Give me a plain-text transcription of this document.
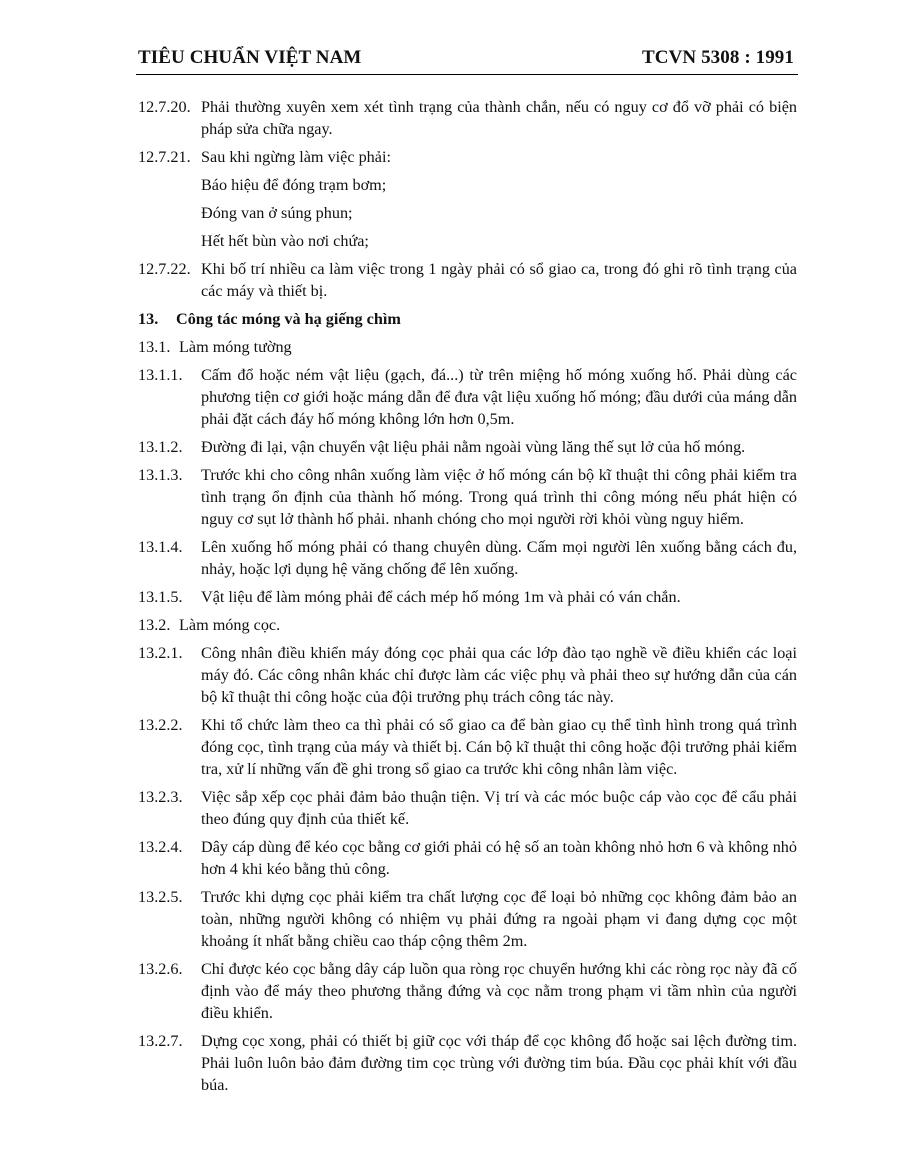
TIÊU CHUẨN VIỆT NAM	TCVN 5308 : 1991
12.7.20. Phải thường xuyên xem xét tình trạng của thành chắn, nếu có nguy cơ đổ vỡ phải có biện pháp sửa chữa ngay.
12.7.21. Sau khi ngừng làm việc phải:
Báo hiệu để đóng trạm bơm;
Đóng van ở súng phun;
Hết hết bùn vào nơi chứa;
12.7.22. Khi bố trí nhiều ca làm việc trong 1 ngày phải có sổ giao ca, trong đó ghi rõ tình trạng của các máy và thiết bị.
13.	Công tác móng và hạ giếng chìm
13.1. Làm móng tường
13.1.1.	Cấm đổ hoặc ném vật liệu (gạch, đá...) từ trên miệng hố móng xuống hố. Phải dùng các phương tiện cơ giới hoặc máng dẫn để đưa vật liệu xuống hố móng; đầu dưới của máng dẫn phải đặt cách đáy hố móng không lớn hơn 0,5m.
13.1.2.	Đường đi lại, vận chuyển vật liệu phải nằm ngoài vùng lăng thế sụt lở của hố móng.
13.1.3.	Trước khi cho công nhân xuống làm việc ở hố móng cán bộ kĩ thuật thi công phải kiểm tra tình trạng ổn định của thành hố móng. Trong quá trình thi công móng nếu phát hiện có nguy cơ sụt lở thành hố phải. nhanh chóng cho mọi người rời khỏi vùng nguy hiểm.
13.1.4.	Lên xuống hố móng phải có thang chuyên dùng. Cấm mọi người lên xuống bằng cách đu, nhảy, hoặc lợi dụng hệ văng chống để lên xuống.
13.1.5.	Vật liệu để làm móng phải để cách mép hố móng 1m và phải có ván chắn.
13.2. Làm móng cọc.
13.2.1.	Công nhân điều khiển máy đóng cọc phải qua các lớp đào tạo nghề về điều khiển các loại máy đó. Các công nhân khác chỉ được làm các việc phụ và phải theo sự hướng dẫn của cán bộ kĩ thuật thi công hoặc của đội trưởng phụ trách công tác này.
13.2.2.	Khi tổ chức làm theo ca thì phải có sổ giao ca để bàn giao cụ thể tình hình trong quá trình đóng cọc, tình trạng của máy và thiết bị. Cán bộ kĩ thuật thi công hoặc đội trưởng phải kiểm tra, xử lí những vấn đề ghi trong sổ giao ca trước khi công nhân làm việc.
13.2.3.	Việc sắp xếp cọc phải đảm bảo thuận tiện. Vị trí và các móc buộc cáp vào cọc để cẩu phải theo đúng quy định của thiết kế.
13.2.4.	Dây cáp dùng để kéo cọc bằng cơ giới phải có hệ số an toàn không nhỏ hơn 6 và không nhỏ hơn 4 khi kéo bằng thủ công.
13.2.5.	Trước khi dựng cọc phải kiểm tra chất lượng cọc để loại bỏ những cọc không đảm bảo an toàn, những người không có nhiệm vụ phải đứng ra ngoài phạm vi đang dựng cọc một khoảng ít nhất bằng chiều cao tháp cộng thêm 2m.
13.2.6.	Chỉ được kéo cọc bằng dây cáp luồn qua ròng rọc chuyển hướng khi các ròng rọc này đã cố định vào để máy theo phương thẳng đứng và cọc nằm trong phạm vi tầm nhìn của người điều khiển.
13.2.7.	Dựng cọc xong, phải có thiết bị giữ cọc với tháp để cọc không đổ hoặc sai lệch đường tim. Phải luôn luôn bảo đảm đường tim cọc trùng với đường tim búa. Đầu cọc phải khít với đầu búa.
